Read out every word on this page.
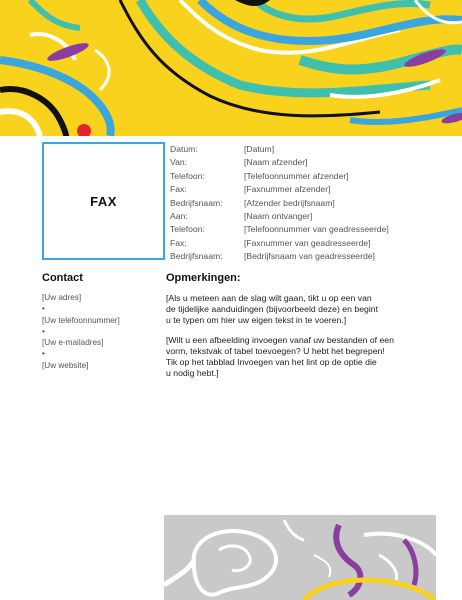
FAX
Datum:	[Datum]
Van:	[Naam afzender]
Telefoon:	[Telefoonnummer afzender]
Fax:	[Faxnummer afzender]
Bedrijfsnaam:	[Afzender bedrijfsnaam]
Aan:	[Naam ontvanger]
Telefoon:	[Telefoonnummer van geadresseerde]
Fax:	[Faxnummer van geadresseerde]
Bedrijfsnaam:	[Bedrijfsnaam van geadresseerde]
Contact
[Uw adres]
•
[Uw telefoonnummer]
•
[Uw e-mailadres]
•
[Uw website]
Opmerkingen:

[Als u meteen aan de slag wilt gaan, tikt u op een van
de tijdelijke aanduidingen (bijvoorbeeld deze) en begint
u te typen om hier uw eigen tekst in te voeren.]

[Wilt u een afbeelding invoegen vanaf uw bestanden of een
vorm, tekstvak of tabel toevoegen? U hebt het begrepen!
Tik op het tabblad Invoegen van het lint op de optie die
u nodig hebt.]
